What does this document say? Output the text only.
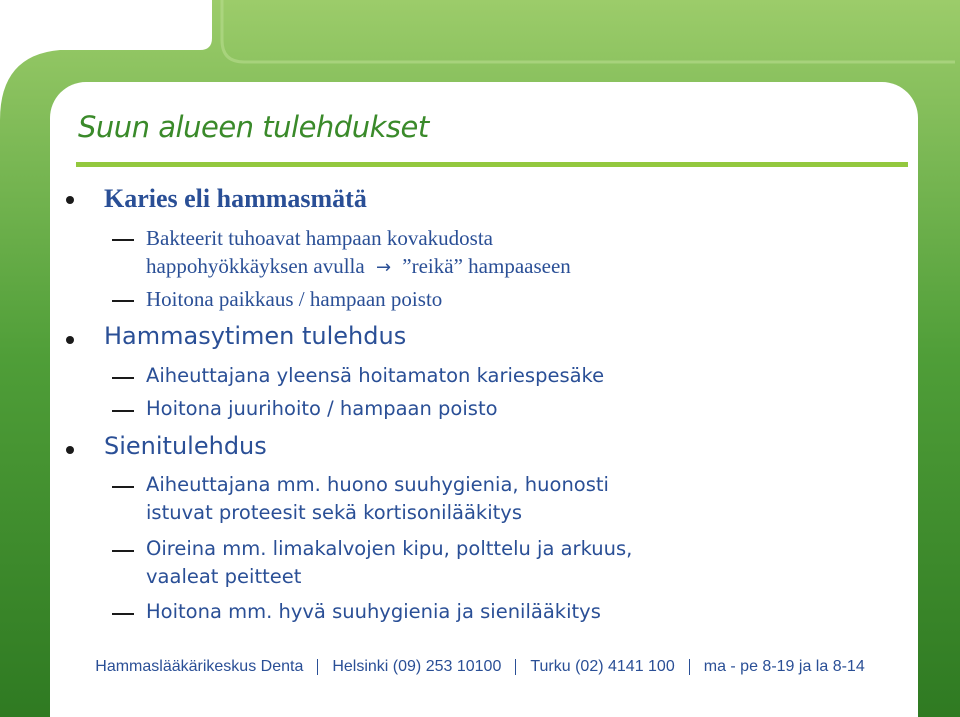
Suun alueen tulehdukset

Karies eli hammasmätä

Bakteerit tuhoavat hampaan kovakudosta
happohyökkäyksen avulla → ”reikä” hampaaseen

Hoitona paikkaus / hampaan poisto

Hammasytimen tulehdus

Aiheuttajana yleensä hoitamaton kariespesäke

Hoitona juurihoito / hampaan poisto

Sienitulehdus

Aiheuttajana mm. huono suuhygienia, huonosti
istuvat proteesit sekä kortisonilääkitys

Oireina mm. limakalvojen kipu, polttelu ja arkuus,
vaaleat peitteet

Hoitona mm. hyvä suuhygienia ja sienilääkitys

Hammaslääkärikeskus Denta Helsinki (09) 253 10100 Turku (02) 4141 100 ma - pe 8-19 ja la 8-14
